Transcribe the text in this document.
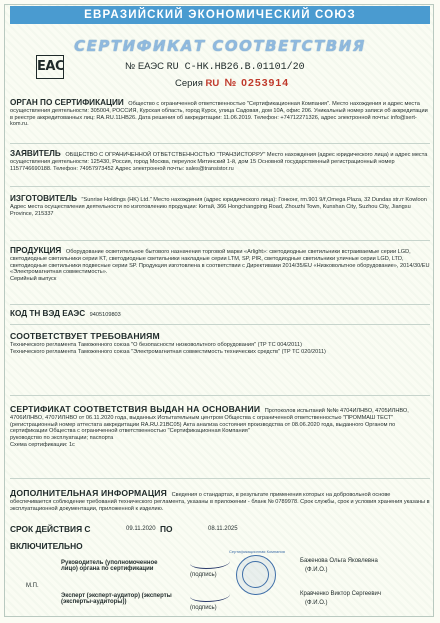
ЕВРАЗИЙСКИЙ ЭКОНОМИЧЕСКИЙ СОЮЗ
СЕРТИФИКАТ СООТВЕТСТВИЯ
EAC	№ ЕАЭС RU C-HK.HB26.B.01101/20
Серия RU № 0253914
ОРГАН ПО СЕРТИФИКАЦИИ Общество с ограниченной ответственностью "Сертификационная Компания". Место нахождения и адрес места осуществления деятельности: 305004, РОССИЯ, Курская область, город Курск, улица Садовая, дом 10А, офис 206. Уникальный номер записи об аккредитации в реестре аккредитованных лиц: RA.RU.11HB26. Дата решения об аккредитации: 11.06.2019. Телефон: +74712271326, адрес электронной почты: info@sert-kom.ru.
ЗАЯВИТЕЛЬ ОБЩЕСТВО С ОГРАНИЧЕННОЙ ОТВЕТСТВЕННОСТЬЮ "ТРАНЗИСТОР.РУ" Место нахождения (адрес юридического лица) и адрес места осуществления деятельности: 125430, Россия, город Москва, переулок Митинский 1-й, дом 15 Основной государственный регистрационный номер 1157746690188. Телефон: 74957973452 Адрес электронной почты: sales@transistor.ru
ИЗГОТОВИТЕЛЬ "Sunrise Holdings (HK) Ltd." Место нахождения (адрес юридического лица): Гонконг, rm.901 9/f,Omega Plaza, 32 Dundas str.rr Kowloon Адрес места осуществления деятельности по изготовлению продукции: Китай, 366 Hongchangping Road, Zhouzhi Town, Kunshan City, Suzhou City, Jiangsu Province, 215337
ПРОДУКЦИЯ Оборудование осветительное бытового назначения торговой марки «Arlight»: светодиодные светильники встраиваемые серии LGD, светодиодные светильники серии KT, светодиодные светильники накладные серии LTM, SP, PIR, светодиодные светильники уличные серии LGD, LTD, светодиодные светильники подвесные серии SP. Продукция изготовлена в соответствии с Директивами 2014/35/EU «Низковольтное оборудование», 2014/30/EU «Электромагнитная совместимость».
Серийный выпуск
КОД ТН ВЭД ЕАЭС 9405109803
СООТВЕТСТВУЕТ ТРЕБОВАНИЯМ
Технического регламента Таможенного союза "О безопасности низковольтного оборудования" (ТР ТС 004/2011)
Технического регламента Таможенного союза "Электромагнитная совместимость технических средств" (ТР ТС 020/2011)
СЕРТИФИКАТ СООТВЕТСТВИЯ ВЫДАН НА ОСНОВАНИИ Протоколов испытаний №№ 4704ИЛНВО, 4705ИЛНВО, 4706ИЛНВО, 4707ИЛНВО от 06.11.2020 года, выданных Испытательным центром Общества с ограниченной ответственностью "ПРОММАШ ТЕСТ" (регистрационный номер аттестата аккредитации RA.RU.21ВС05) Акта анализа состояния производства от 08.06.2020 года, выданного Органом по сертификации Общества с ограниченной ответственностью "Сертификационная Компания"
руководство по эксплуатации; паспорта
Схема сертификации: 1с
ДОПОЛНИТЕЛЬНАЯ ИНФОРМАЦИЯ Сведения о стандартах, в результате применения которых на добровольной основе обеспечивается соблюдение требований технического регламента, указаны в приложении - бланк № 0789978. Срок службы, срок и условия хранения указаны в эксплуатационной документации, приложенной к изделию.
СРОК ДЕЙСТВИЯ С	09.11.2020 ПО	08.11.2025
ВКЛЮЧИТЕЛЬНО
Руководитель (уполномоченное лицо) органа по сертификации
(подпись)
Сертификационная Компания
Баженова Ольга Яковлевна
(Ф.И.О.)
М.П.
Эксперт (эксперт-аудитор) (эксперты (эксперты-аудиторы))
(подпись)
Кравченко Виктор Сергеевич
(Ф.И.О.)
